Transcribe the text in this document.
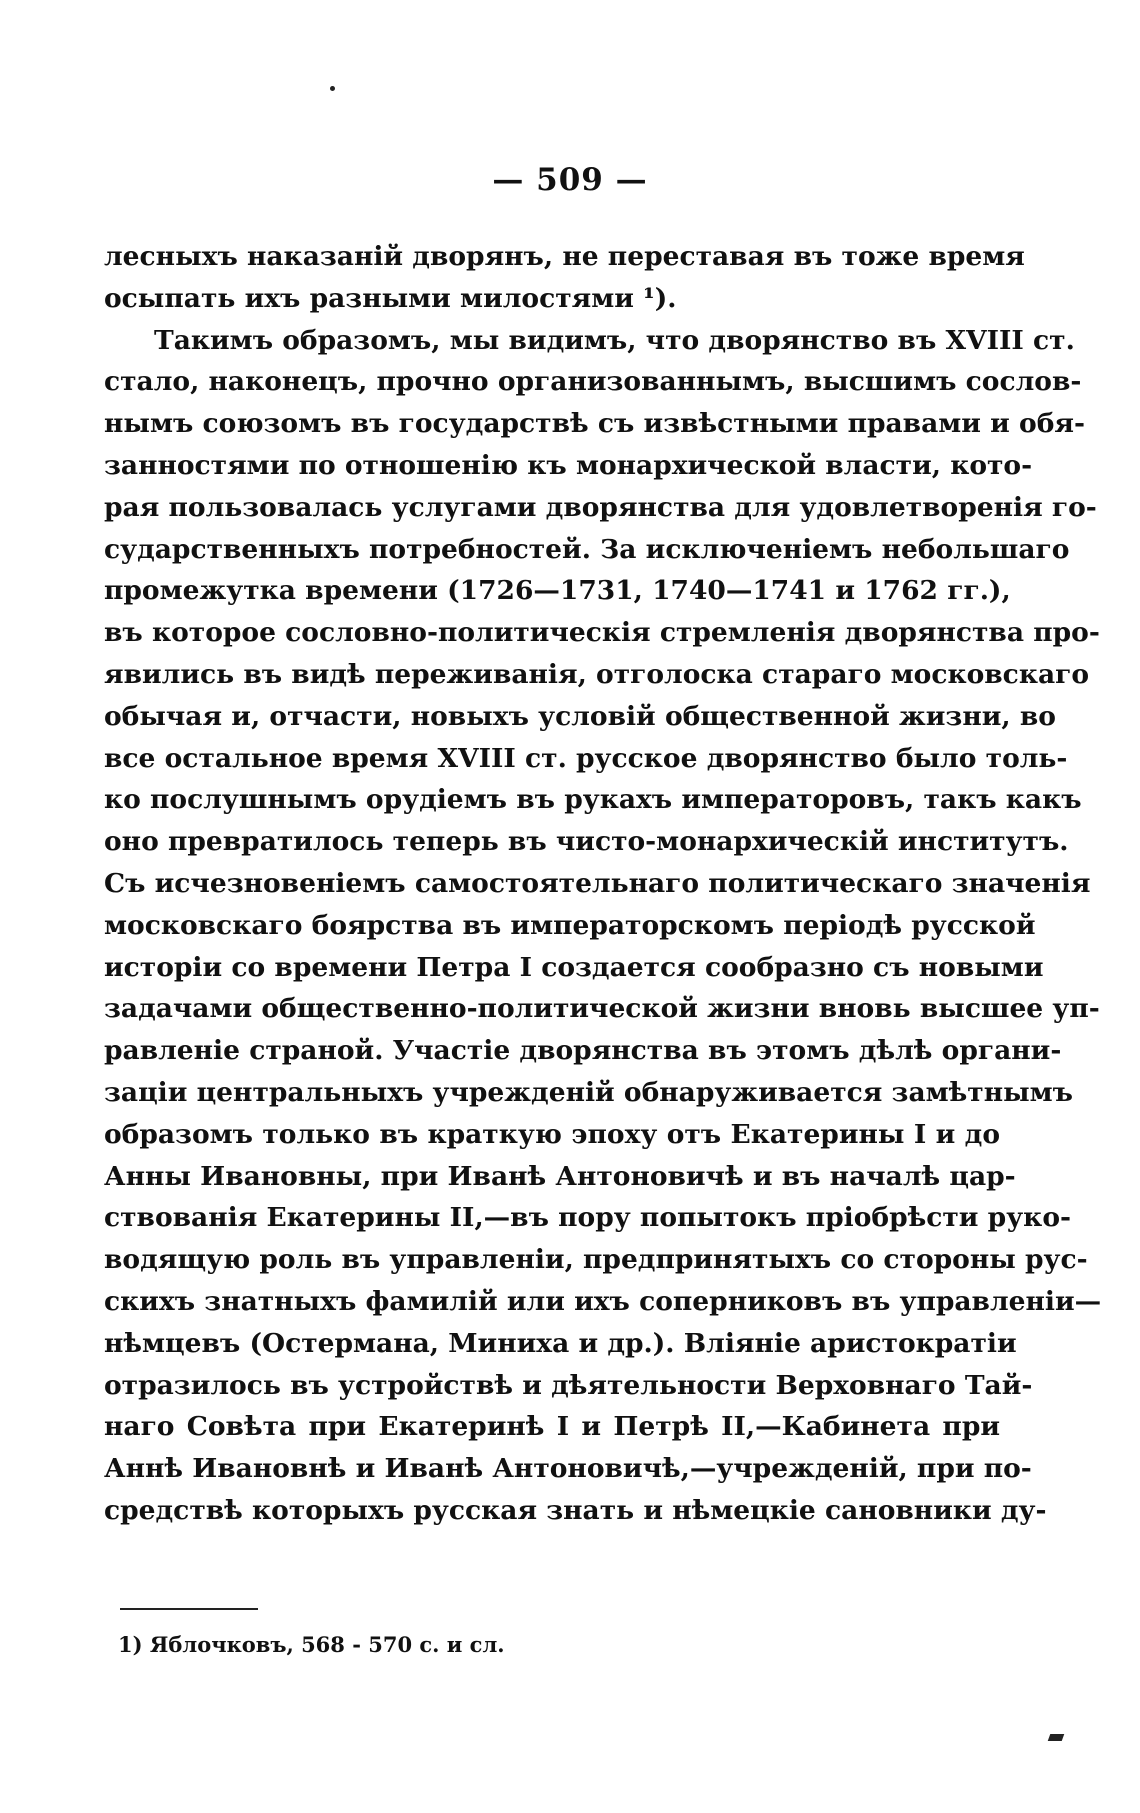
— 509 —
лесныхъ наказанiй дворянъ, не переставая въ тоже время
осыпать ихъ разными милостями ¹).
Такимъ образомъ, мы видимъ, что дворянство въ XVIII ст.
стало, наконецъ, прочно организованнымъ, высшимъ сослов-
нымъ союзомъ въ государствѣ съ извѣстными правами и обя-
занностями по отношенiю къ монархической власти, кото-
рая пользовалась услугами дворянства для удовлетворенiя го-
сударственныхъ потребностей. За исключенiемъ небольшаго
промежутка времени (1726—1731, 1740—1741 и 1762 гг.),
въ которое сословно-политическiя стремленiя дворянства про-
явились въ видѣ переживанiя, отголоска стараго московскаго
обычая и, отчасти, новыхъ условiй общественной жизни, во
все остальное время XVIII ст. русское дворянство было толь-
ко послушнымъ орудiемъ въ рукахъ императоровъ, такъ какъ
оно превратилось теперь въ чисто-монархическiй институтъ.
Съ исчезновенiемъ самостоятельнаго политическаго значенiя
московскаго боярства въ императорскомъ перiодѣ русской
исторiи со времени Петра I создается сообразно съ новыми
задачами общественно-политической жизни вновь высшее уп-
равленiе страной. Участiе дворянства въ этомъ дѣлѣ органи-
зацiи центральныхъ учрежденiй обнаруживается замѣтнымъ
образомъ только въ краткую эпоху отъ Екатерины I и до
Анны Ивановны, при Иванѣ Антоновичѣ и въ началѣ цар-
ствованiя Екатерины II,—въ пору попытокъ прiобрѣсти руко-
водящую роль въ управленiи, предпринятыхъ со стороны рус-
скихъ знатныхъ фамилiй или ихъ соперниковъ въ управленiи—
нѣмцевъ (Остермана, Миниха и др.). Влiянiе аристократiи
отразилось въ устройствѣ и дѣятельности Верховнаго Тай-
наго Совѣта при Екатеринѣ I и Петрѣ II,—Кабинета при
Аннѣ Ивановнѣ и Иванѣ Антоновичѣ,—учрежденiй, при по-
средствѣ которыхъ русская знать и нѣмецкiе сановники ду-
1) Яблочковъ, 568 - 570 с. и сл.
